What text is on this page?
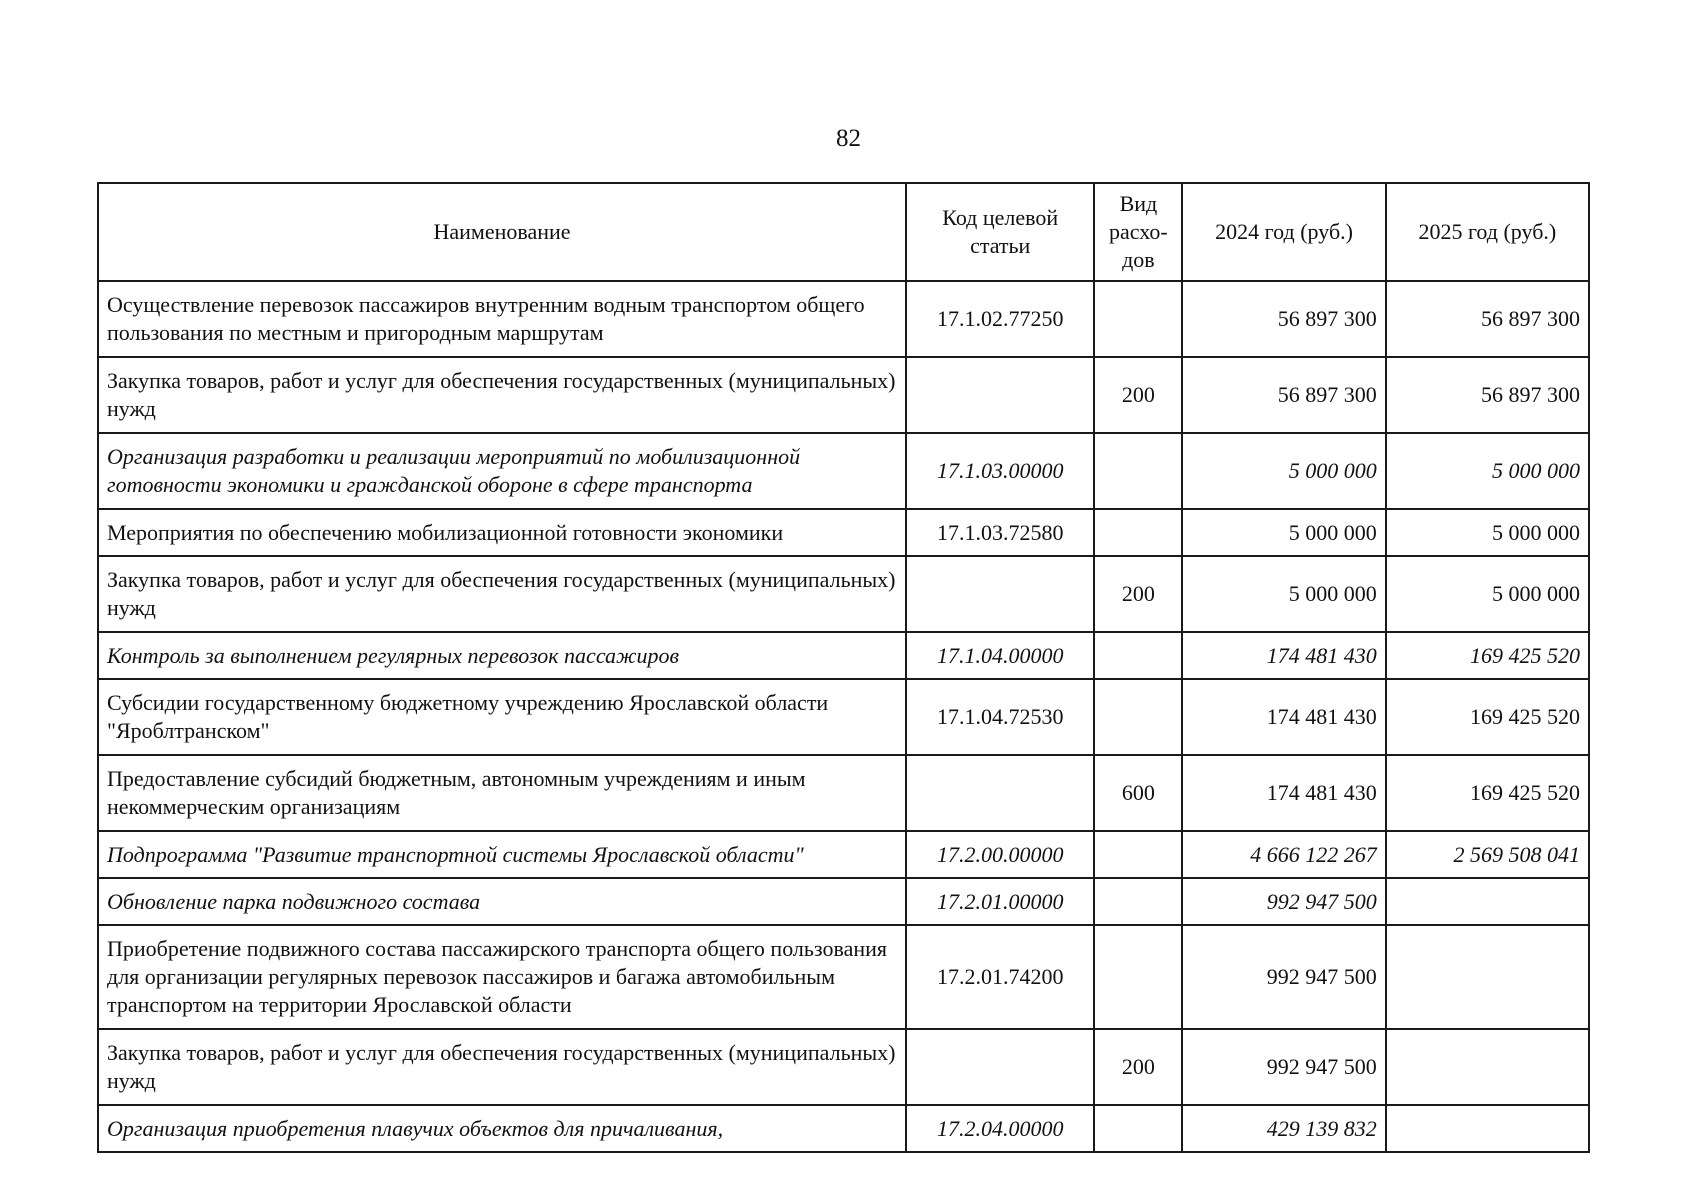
82
Наименование	Код целевой статьи	Вид расхо-дов	2024 год (руб.)	2025 год (руб.)
Осуществление перевозок пассажиров внутренним водным транспортом общего пользования по местным и пригородным маршрутам	17.1.02.77250		56 897 300	56 897 300
Закупка товаров, работ и услуг для обеспечения государственных (муниципальных) нужд		200	56 897 300	56 897 300
Организация разработки и реализации мероприятий по мобилизационной готовности экономики и гражданской обороне в сфере транспорта	17.1.03.00000		5 000 000	5 000 000
Мероприятия по обеспечению мобилизационной готовности экономики	17.1.03.72580		5 000 000	5 000 000
Закупка товаров, работ и услуг для обеспечения государственных (муниципальных) нужд		200	5 000 000	5 000 000
Контроль за выполнением регулярных перевозок пассажиров	17.1.04.00000		174 481 430	169 425 520
Субсидии государственному бюджетному учреждению Ярославской области "Яроблтранском"	17.1.04.72530		174 481 430	169 425 520
Предоставление субсидий бюджетным, автономным учреждениям и иным некоммерческим организациям		600	174 481 430	169 425 520
Подпрограмма "Развитие транспортной системы Ярославской области"	17.2.00.00000		4 666 122 267	2 569 508 041
Обновление парка подвижного состава	17.2.01.00000		992 947 500	
Приобретение подвижного состава пассажирского транспорта общего пользования для организации регулярных перевозок пассажиров и багажа автомобильным транспортом на территории Ярославской области	17.2.01.74200		992 947 500	
Закупка товаров, работ и услуг для обеспечения государственных (муниципальных) нужд		200	992 947 500	
Организация приобретения плавучих объектов для причаливания,	17.2.04.00000		429 139 832	
